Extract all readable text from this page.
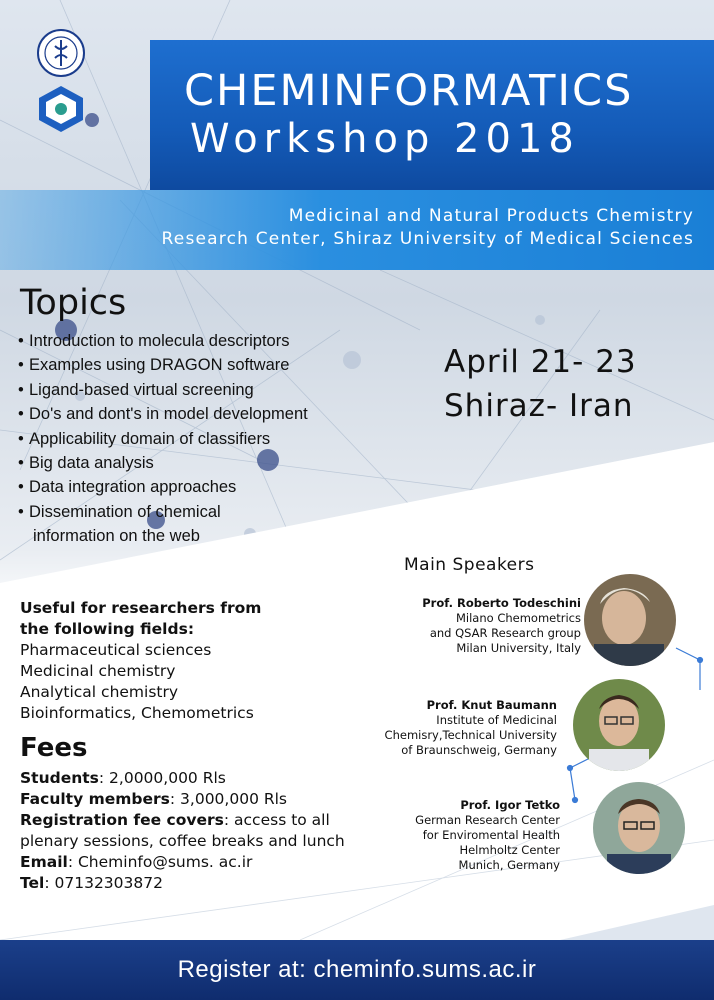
CHEMINFORMATICS
Workshop 2018
Medicinal and Natural Products Chemistry
Research Center, Shiraz University of Medical Sciences
Topics
• Introduction to molecula descriptors
• Examples using DRAGON software
• Ligand-based virtual screening
• Do's and dont's in model development
• Applicability domain of classifiers
• Big data analysis
• Data integration approaches
• Dissemination of chemical
information on the web
April 21- 23
Shiraz- Iran
Useful for researchers from
the following fields:
Pharmaceutical sciences
Medicinal chemistry
Analytical chemistry
Bioinformatics, Chemometrics
Fees
Students: 2,0000,000 Rls
Faculty members: 3,000,000 Rls
Registration fee covers: access to all plenary sessions, coffee breaks and lunch
Email: Cheminfo@sums. ac.ir
Tel: 07132303872
Main Speakers
Prof. Roberto Todeschini
Milano Chemometrics
and QSAR Research group
Milan University, Italy
Prof. Knut Baumann
Institute of Medicinal
Chemisry,Technical University
of Braunschweig, Germany
Prof. Igor Tetko
German Research Center
for Enviromental Health
Helmholtz Center
Munich, Germany
Register at: cheminfo.sums.ac.ir
